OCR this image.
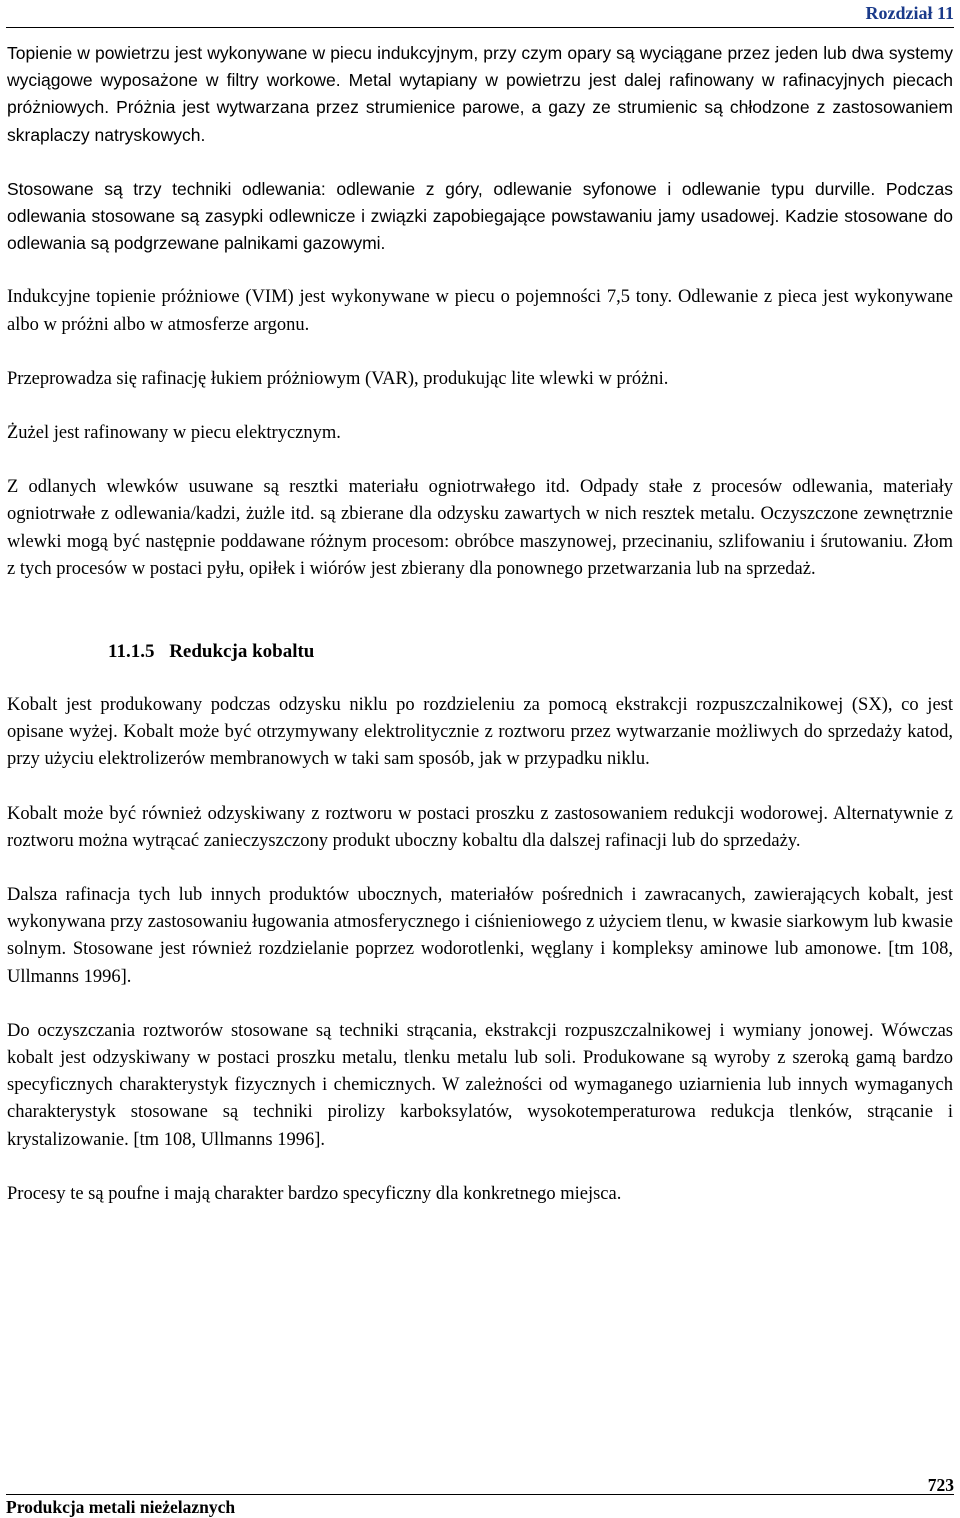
Rozdział 11

Topienie w powietrzu jest wykonywane w piecu indukcyjnym, przy czym opary są wyciągane przez jeden lub dwa systemy wyciągowe wyposażone w filtry workowe. Metal wytapiany w powietrzu jest dalej rafinowany w rafinacyjnych piecach próżniowych. Próżnia jest wytwarzana przez strumienice parowe, a gazy ze strumienic są chłodzone z zastosowaniem skraplaczy natryskowych.

Stosowane są trzy techniki odlewania: odlewanie z góry, odlewanie syfonowe i odlewanie typu durville. Podczas odlewania stosowane są zasypki odlewnicze i związki zapobiegające powstawaniu jamy usadowej. Kadzie stosowane do odlewania są podgrzewane palnikami gazowymi.

Indukcyjne topienie próżniowe (VIM) jest wykonywane w piecu o pojemności 7,5 tony. Odlewanie z pieca jest wykonywane albo w próżni albo w atmosferze argonu.

Przeprowadza się rafinację łukiem próżniowym (VAR), produkując lite wlewki w próżni.

Żużel jest rafinowany w piecu elektrycznym.

Z odlanych wlewków usuwane są resztki materiału ogniotrwałego itd. Odpady stałe z procesów odlewania, materiały ogniotrwałe z odlewania/kadzi, żużle itd. są zbierane dla odzysku zawartych w nich resztek metalu. Oczyszczone zewnętrznie wlewki mogą być następnie poddawane różnym procesom: obróbce maszynowej, przecinaniu, szlifowaniu i śrutowaniu. Złom z tych procesów w postaci pyłu, opiłek i wiórów jest zbierany dla ponownego przetwarzania lub na sprzedaż.

11.1.5 Redukcja kobaltu

Kobalt jest produkowany podczas odzysku niklu po rozdzieleniu za pomocą ekstrakcji rozpuszczalnikowej (SX), co jest opisane wyżej. Kobalt może być otrzymywany elektrolitycznie z roztworu przez wytwarzanie możliwych do sprzedaży katod, przy użyciu elektrolizerów membranowych w taki sam sposób, jak w przypadku niklu.

Kobalt może być również odzyskiwany z roztworu w postaci proszku z zastosowaniem redukcji wodorowej. Alternatywnie z roztworu można wytrącać zanieczyszczony produkt uboczny kobaltu dla dalszej rafinacji lub do sprzedaży.

Dalsza rafinacja tych lub innych produktów ubocznych, materiałów pośrednich i zawracanych, zawierających kobalt, jest wykonywana przy zastosowaniu ługowania atmosferycznego i ciśnieniowego z użyciem tlenu, w kwasie siarkowym lub kwasie solnym. Stosowane jest również rozdzielanie poprzez wodorotlenki, węglany i kompleksy aminowe lub amonowe. [tm 108, Ullmanns 1996].

Do oczyszczania roztworów stosowane są techniki strącania, ekstrakcji rozpuszczalnikowej i wymiany jonowej. Wówczas kobalt jest odzyskiwany w postaci proszku metalu, tlenku metalu lub soli. Produkowane są wyroby z szeroką gamą bardzo specyficznych charakterystyk fizycznych i chemicznych. W zależności od wymaganego uziarnienia lub innych wymaganych charakterystyk stosowane są techniki pirolizy karboksylatów, wysokotemperaturowa redukcja tlenków, strącanie i krystalizowanie. [tm 108, Ullmanns 1996].

Procesy te są poufne i mają charakter bardzo specyficzny dla konkretnego miejsca.

Produkcja metali nieżelaznych
723
